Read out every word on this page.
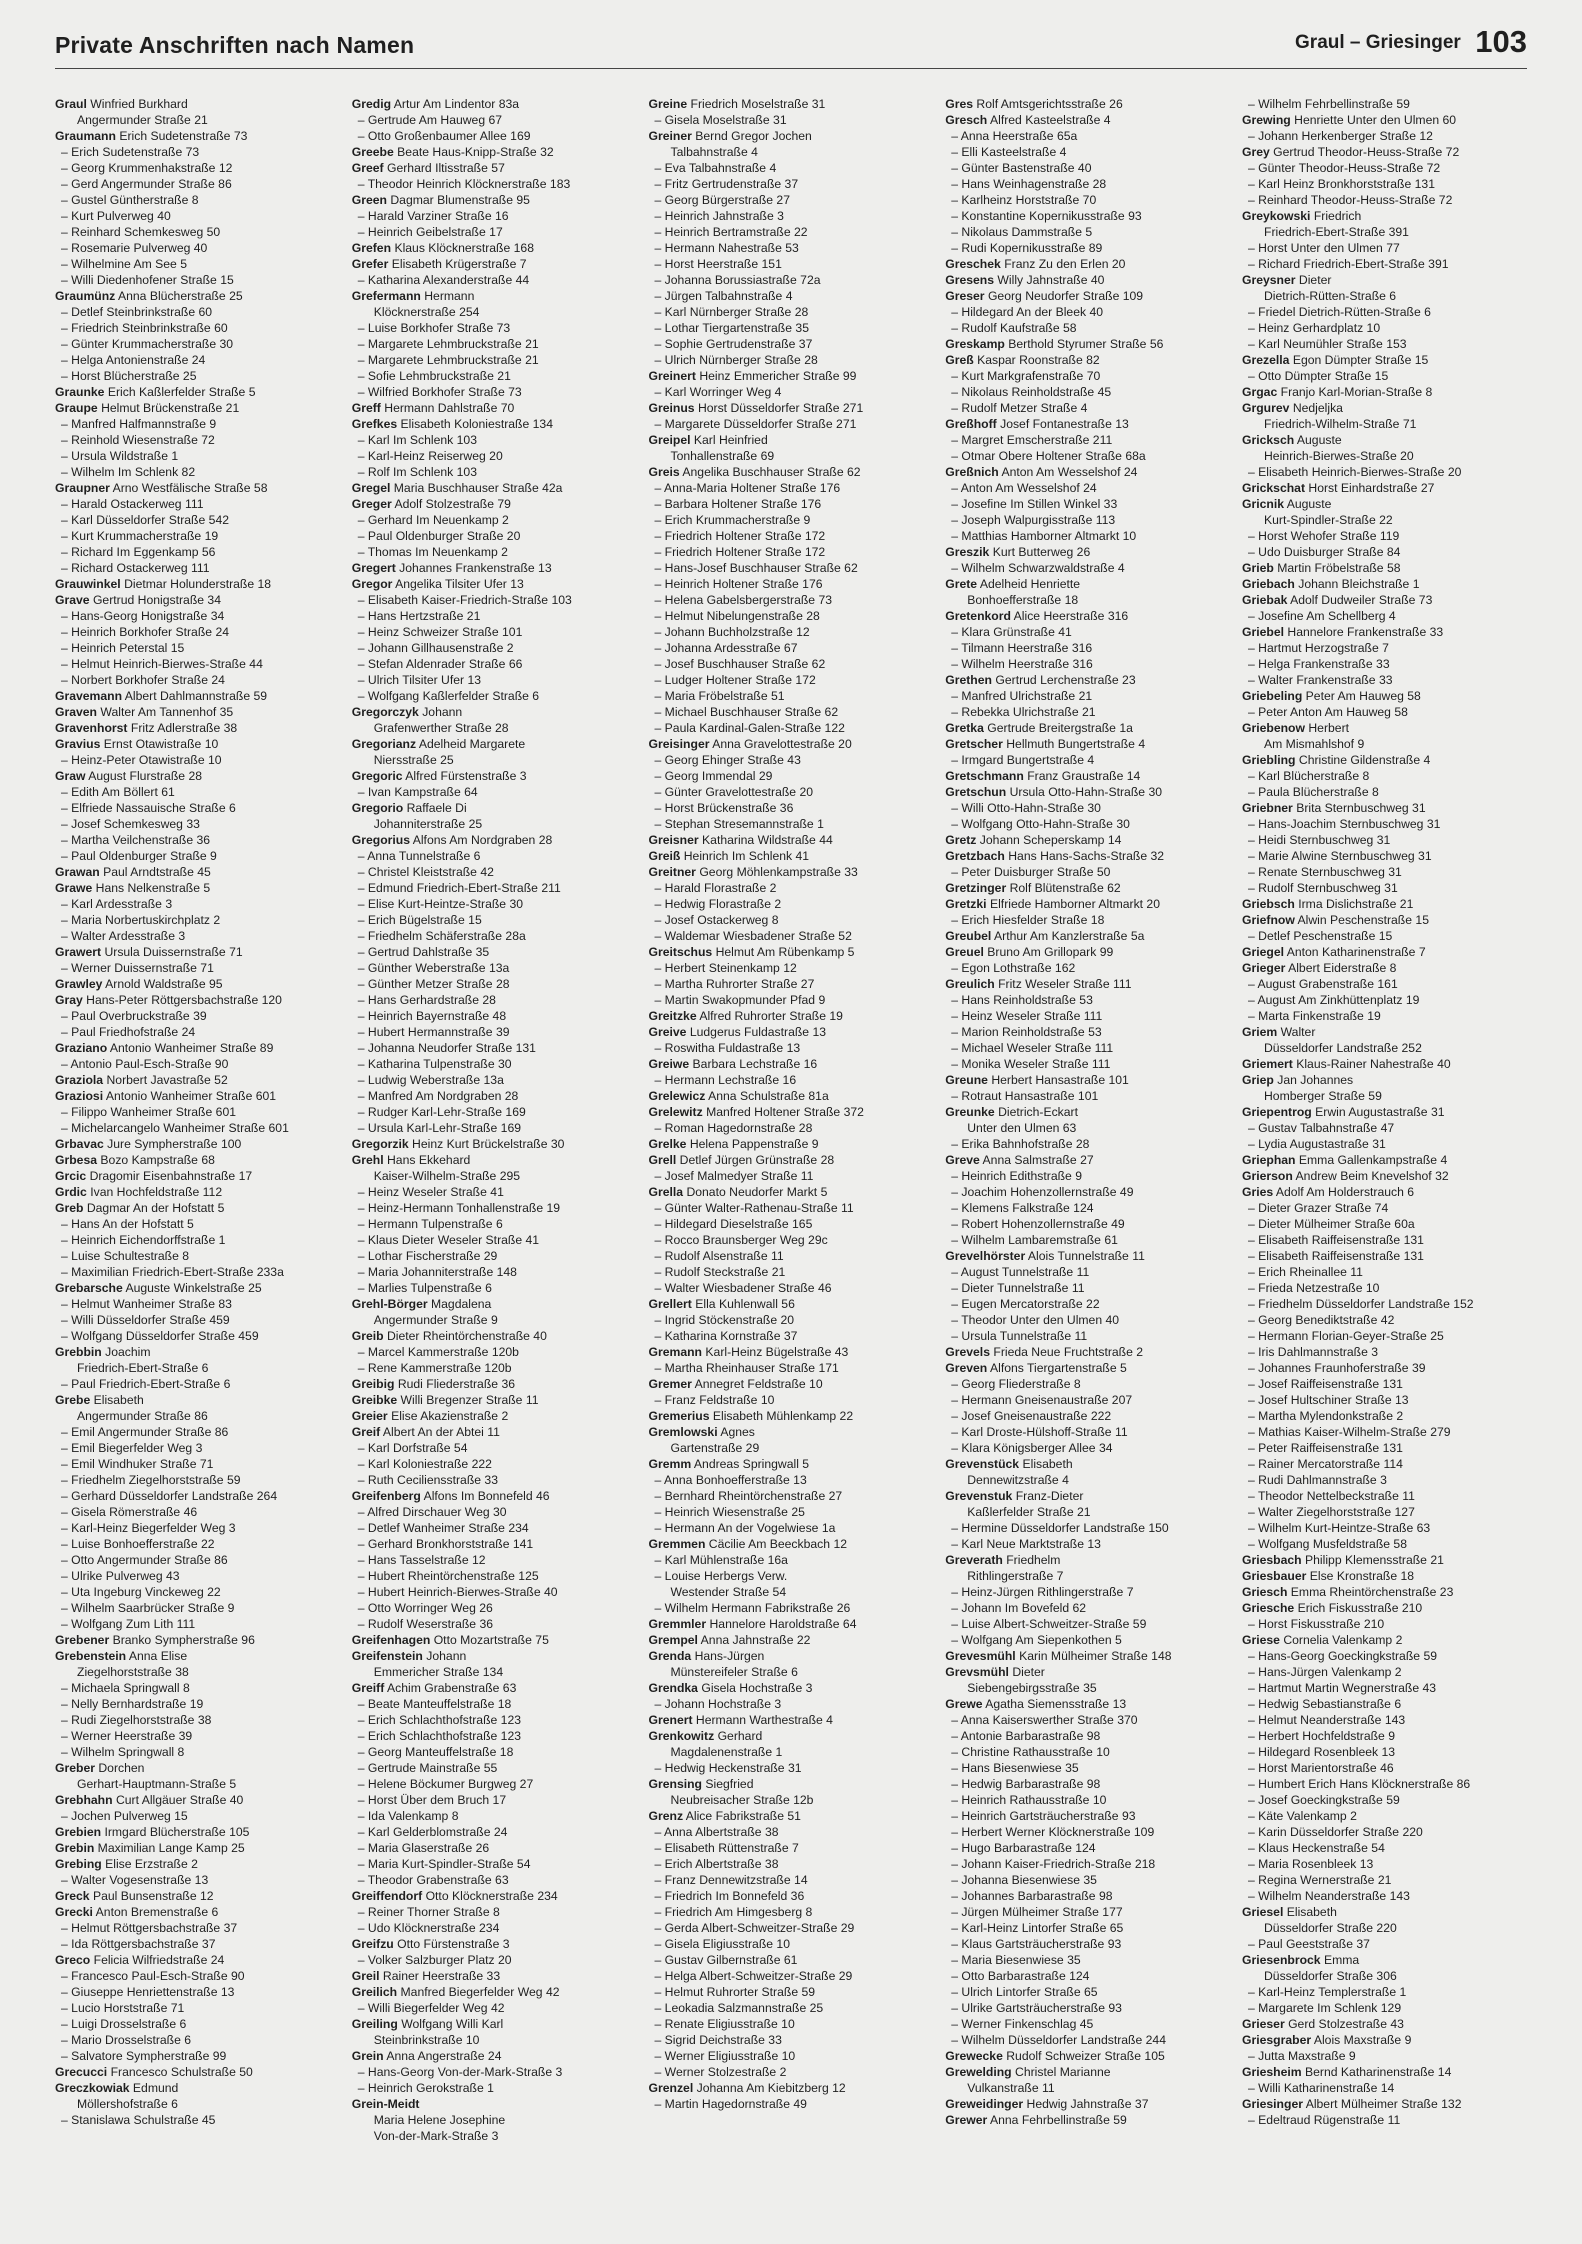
Private Anschriften nach Namen	Graul – Griesinger 103
Graul Winfried Burkhard
Angermunder Straße 21
Graumann Erich Sudetenstraße 73
– Erich Sudetenstraße 73
– Georg Krummenhakstraße 12
– Gerd Angermunder Straße 86
– Gustel Güntherstraße 8
– Kurt Pulverweg 40
– Reinhard Schemkesweg 50
– Rosemarie Pulverweg 40
– Wilhelmine Am See 5
– Willi Diedenhofener Straße 15
Graumünz Anna Blücherstraße 25
– Detlef Steinbrinkstraße 60
– Friedrich Steinbrinkstraße 60
– Günter Krummacherstraße 30
– Helga Antonienstraße 24
– Horst Blücherstraße 25
Graunke Erich Kaßlerfelder Straße 5
Graupe Helmut Brückenstraße 21
– Manfred Halfmannstraße 9
– Reinhold Wiesenstraße 72
– Ursula Wildstraße 1
– Wilhelm Im Schlenk 82
Graupner Arno Westfälische Straße 58
– Harald Ostackerweg 111
– Karl Düsseldorfer Straße 542
– Kurt Krummacherstraße 19
– Richard Im Eggenkamp 56
– Richard Ostackerweg 111
Grauwinkel Dietmar Holunderstraße 18
Grave Gertrud Honigstraße 34
– Hans-Georg Honigstraße 34
– Heinrich Borkhofer Straße 24
– Heinrich Peterstal 15
– Helmut Heinrich-Bierwes-Straße 44
– Norbert Borkhofer Straße 24
Gravemann Albert Dahlmannstraße 59
Graven Walter Am Tannenhof 35
Gravenhorst Fritz Adlerstraße 38
Gravius Ernst Otawistraße 10
– Heinz-Peter Otawistraße 10
Graw August Flurstraße 28
– Edith Am Böllert 61
– Elfriede Nassauische Straße 6
– Josef Schemkesweg 33
– Martha Veilchenstraße 36
– Paul Oldenburger Straße 9
Grawan Paul Arndtstraße 45
Grawe Hans Nelkenstraße 5
– Karl Ardesstraße 3
– Maria Norbertuskirchplatz 2
– Walter Ardesstraße 3
Grawert Ursula Duissernstraße 71
– Werner Duissernstraße 71
Grawley Arnold Waldstraße 95
Gray Hans-Peter Röttgersbachstraße 120
– Paul Overbruckstraße 39
– Paul Friedhofstraße 24
Graziano Antonio Wanheimer Straße 89
– Antonio Paul-Esch-Straße 90
Graziola Norbert Javastraße 52
Graziosi Antonio Wanheimer Straße 601
– Filippo Wanheimer Straße 601
– Michelarcangelo Wanheimer Straße 601
Grbavac Jure Sympherstraße 100
Grbesa Bozo Kampstraße 68
Grcic Dragomir Eisenbahnstraße 17
Grdic Ivan Hochfeldstraße 112
Greb Dagmar An der Hofstatt 5
– Hans An der Hofstatt 5
– Heinrich Eichendorffstraße 1
– Luise Schultestraße 8
– Maximilian Friedrich-Ebert-Straße 233a
Grebarsche Auguste Winkelstraße 25
– Helmut Wanheimer Straße 83
– Willi Düsseldorfer Straße 459
– Wolfgang Düsseldorfer Straße 459
Grebbin Joachim
Friedrich-Ebert-Straße 6
– Paul Friedrich-Ebert-Straße 6
Grebe Elisabeth
Angermunder Straße 86
– Emil Angermunder Straße 86
– Emil Biegerfelder Weg 3
– Emil Windhuker Straße 71
– Friedhelm Ziegelhorststraße 59
– Gerhard Düsseldorfer Landstraße 264
– Gisela Römerstraße 46
– Karl-Heinz Biegerfelder Weg 3
– Luise Bonhoefferstraße 22
– Otto Angermunder Straße 86
– Ulrike Pulverweg 43
– Uta Ingeburg Vinckeweg 22
– Wilhelm Saarbrücker Straße 9
– Wolfgang Zum Lith 111
Grebener Branko Sympherstraße 96
Grebenstein Anna Elise
Ziegelhorststraße 38
– Michaela Springwall 8
– Nelly Bernhardstraße 19
– Rudi Ziegelhorststraße 38
– Werner Heerstraße 39
– Wilhelm Springwall 8
Greber Dorchen
Gerhart-Hauptmann-Straße 5
Grebhahn Curt Allgäuer Straße 40
– Jochen Pulverweg 15
Grebien Irmgard Blücherstraße 105
Grebin Maximilian Lange Kamp 25
Grebing Elise Erzstraße 2
– Walter Vogesenstraße 13
Greck Paul Bunsenstraße 12
Grecki Anton Bremenstraße 6
– Helmut Röttgersbachstraße 37
– Ida Röttgersbachstraße 37
Greco Felicia Wilfriedstraße 24
– Francesco Paul-Esch-Straße 90
– Giuseppe Henriettenstraße 13
– Lucio Horststraße 71
– Luigi Drosselstraße 6
– Mario Drosselstraße 6
– Salvatore Sympherstraße 99
Grecucci Francesco Schulstraße 50
Greczkowiak Edmund
Möllershofstraße 6
– Stanislawa Schulstraße 45
Gredig Artur Am Lindentor 83a
– Gertrude Am Hauweg 67
– Otto Großenbaumer Allee 169
Greebe Beate Haus-Knipp-Straße 32
Greef Gerhard Iltisstraße 57
– Theodor Heinrich Klöcknerstraße 183
Green Dagmar Blumenstraße 95
– Harald Varziner Straße 16
– Heinrich Geibelstraße 17
Grefen Klaus Klöcknerstraße 168
Grefer Elisabeth Krügerstraße 7
– Katharina Alexanderstraße 44
Grefermann Hermann
Klöcknerstraße 254
– Luise Borkhofer Straße 73
– Margarete Lehmbruckstraße 21
– Margarete Lehmbruckstraße 21
– Sofie Lehmbruckstraße 21
– Wilfried Borkhofer Straße 73
Greff Hermann Dahlstraße 70
Grefkes Elisabeth Koloniestraße 134
– Karl Im Schlenk 103
– Karl-Heinz Reiserweg 20
– Rolf Im Schlenk 103
Gregel Maria Buschhauser Straße 42a
Greger Adolf Stolzestraße 79
– Gerhard Im Neuenkamp 2
– Paul Oldenburger Straße 20
– Thomas Im Neuenkamp 2
Gregert Johannes Frankenstraße 13
Gregor Angelika Tilsiter Ufer 13
– Elisabeth Kaiser-Friedrich-Straße 103
– Hans Hertzstraße 21
– Heinz Schweizer Straße 101
– Johann Gillhausenstraße 2
– Stefan Aldenrader Straße 66
– Ulrich Tilsiter Ufer 13
– Wolfgang Kaßlerfelder Straße 6
Gregorczyk Johann
Grafenwerther Straße 28
Gregorianz Adelheid Margarete
Niersstraße 25
Gregoric Alfred Fürstenstraße 3
– Ivan Kampstraße 64
Gregorio Raffaele Di
Johanniterstraße 25
Gregorius Alfons Am Nordgraben 28
– Anna Tunnelstraße 6
– Christel Kleiststraße 42
– Edmund Friedrich-Ebert-Straße 211
– Elise Kurt-Heintze-Straße 30
– Erich Bügelstraße 15
– Friedhelm Schäferstraße 28a
– Gertrud Dahlstraße 35
– Günther Weberstraße 13a
– Günther Metzer Straße 28
– Hans Gerhardstraße 28
– Heinrich Bayernstraße 48
– Hubert Hermannstraße 39
– Johanna Neudorfer Straße 131
– Katharina Tulpenstraße 30
– Ludwig Weberstraße 13a
– Manfred Am Nordgraben 28
– Rudger Karl-Lehr-Straße 169
– Ursula Karl-Lehr-Straße 169
Gregorzik Heinz Kurt Brückelstraße 30
Grehl Hans Ekkehard
Kaiser-Wilhelm-Straße 295
– Heinz Weseler Straße 41
– Heinz-Hermann Tonhallenstraße 19
– Hermann Tulpenstraße 6
– Klaus Dieter Weseler Straße 41
– Lothar Fischerstraße 29
– Maria Johanniterstraße 148
– Marlies Tulpenstraße 6
Grehl-Börger Magdalena
Angermunder Straße 9
Greib Dieter Rheintörchenstraße 40
– Marcel Kammerstraße 120b
– Rene Kammerstraße 120b
Greibig Rudi Fliederstraße 36
Greibke Willi Bregenzer Straße 11
Greier Elise Akazienstraße 2
Greif Albert An der Abtei 11
– Karl Dorfstraße 54
– Karl Koloniestraße 222
– Ruth Ceciliensstraße 33
Greifenberg Alfons Im Bonnefeld 46
– Alfred Dirschauer Weg 30
– Detlef Wanheimer Straße 234
– Gerhard Bronkhorststraße 141
– Hans Tasselstraße 12
– Hubert Rheintörchenstraße 125
– Hubert Heinrich-Bierwes-Straße 40
– Otto Worringer Weg 26
– Rudolf Weserstraße 36
Greifenhagen Otto Mozartstraße 75
Greifenstein Johann
Emmericher Straße 134
Greiff Achim Grabenstraße 63
– Beate Manteuffelstraße 18
– Erich Schlachthofstraße 123
– Erich Schlachthofstraße 123
– Georg Manteuffelstraße 18
– Gertrude Mainstraße 55
– Helene Böckumer Burgweg 27
– Horst Über dem Bruch 17
– Ida Valenkamp 8
– Karl Gelderblomstraße 24
– Maria Glaserstraße 26
– Maria Kurt-Spindler-Straße 54
– Theodor Grabenstraße 63
Greiffendorf Otto Klöcknerstraße 234
– Reiner Thorner Straße 8
– Udo Klöcknerstraße 234
Greifzu Otto Fürstenstraße 3
– Volker Salzburger Platz 20
Greil Rainer Heerstraße 33
Greilich Manfred Biegerfelder Weg 42
– Willi Biegerfelder Weg 42
Greiling Wolfgang Willi Karl
Steinbrinkstraße 10
Grein Anna Angerstraße 24
– Hans-Georg Von-der-Mark-Straße 3
– Heinrich Gerokstraße 1
Grein-Meidt
Maria Helene Josephine
Von-der-Mark-Straße 3
Greine Friedrich Moselstraße 31
– Gisela Moselstraße 31
Greiner Bernd Gregor Jochen
Talbahnstraße 4
– Eva Talbahnstraße 4
– Fritz Gertrudenstraße 37
– Georg Bürgerstraße 27
– Heinrich Jahnstraße 3
– Heinrich Bertramstraße 22
– Hermann Nahestraße 53
– Horst Heerstraße 151
– Johanna Borussiastraße 72a
– Jürgen Talbahnstraße 4
– Karl Nürnberger Straße 28
– Lothar Tiergartenstraße 35
– Sophie Gertrudenstraße 37
– Ulrich Nürnberger Straße 28
Greinert Heinz Emmericher Straße 99
– Karl Worringer Weg 4
Greinus Horst Düsseldorfer Straße 271
– Margarete Düsseldorfer Straße 271
Greipel Karl Heinfried
Tonhallenstraße 69
Greis Angelika Buschhauser Straße 62
– Anna-Maria Holtener Straße 176
– Barbara Holtener Straße 176
– Erich Krummacherstraße 9
– Friedrich Holtener Straße 172
– Friedrich Holtener Straße 172
– Hans-Josef Buschhauser Straße 62
– Heinrich Holtener Straße 176
– Helena Gabelsbergerstraße 73
– Helmut Nibelungenstraße 28
– Johann Buchholzstraße 12
– Johanna Ardesstraße 67
– Josef Buschhauser Straße 62
– Ludger Holtener Straße 172
– Maria Fröbelstraße 51
– Michael Buschhauser Straße 62
– Paula Kardinal-Galen-Straße 122
Greisinger Anna Gravelottestraße 20
– Georg Ehinger Straße 43
– Georg Immendal 29
– Günter Gravelottestraße 20
– Horst Brückenstraße 36
– Stephan Stresemannstraße 1
Greisner Katharina Wildstraße 44
Greiß Heinrich Im Schlenk 41
Greitner Georg Möhlenkampstraße 33
– Harald Florastraße 2
– Hedwig Florastraße 2
– Josef Ostackerweg 8
– Waldemar Wiesbadener Straße 52
Greitschus Helmut Am Rübenkamp 5
– Herbert Steinenkamp 12
– Martha Ruhrorter Straße 27
– Martin Swakopmunder Pfad 9
Greitzke Alfred Ruhrorter Straße 19
Greive Ludgerus Fuldastraße 13
– Roswitha Fuldastraße 13
Greiwe Barbara Lechstraße 16
– Hermann Lechstraße 16
Grelewicz Anna Schulstraße 81a
Grelewitz Manfred Holtener Straße 372
– Roman Hagedornstraße 28
Grelke Helena Pappenstraße 9
Grell Detlef Jürgen Grünstraße 28
– Josef Malmedyer Straße 11
Grella Donato Neudorfer Markt 5
– Günter Walter-Rathenau-Straße 11
– Hildegard Dieselstraße 165
– Rocco Braunsberger Weg 29c
– Rudolf Alsenstraße 11
– Rudolf Steckstraße 21
– Walter Wiesbadener Straße 46
Grellert Ella Kuhlenwall 56
– Ingrid Stöckenstraße 20
– Katharina Kornstraße 37
Gremann Karl-Heinz Bügelstraße 43
– Martha Rheinhauser Straße 171
Gremer Annegret Feldstraße 10
– Franz Feldstraße 10
Gremerius Elisabeth Mühlenkamp 22
Gremlowski Agnes
Gartenstraße 29
Gremm Andreas Springwall 5
– Anna Bonhoefferstraße 13
– Bernhard Rheintörchenstraße 27
– Heinrich Wiesenstraße 25
– Hermann An der Vogelwiese 1a
Gremmen Cäcilie Am Beeckbach 12
– Karl Mühlenstraße 16a
– Louise Herbergs Verw.
Westender Straße 54
– Wilhelm Hermann Fabrikstraße 26
Gremmler Hannelore Haroldstraße 64
Grempel Anna Jahnstraße 22
Grenda Hans-Jürgen
Münstereifeler Straße 6
Grendka Gisela Hochstraße 3
– Johann Hochstraße 3
Grenert Hermann Warthestraße 4
Grenkowitz Gerhard
Magdalenenstraße 1
– Hedwig Heckenstraße 31
Grensing Siegfried
Neubreisacher Straße 12b
Grenz Alice Fabrikstraße 51
– Anna Albertstraße 38
– Elisabeth Rüttenstraße 7
– Erich Albertstraße 38
– Franz Dennewitzstraße 14
– Friedrich Im Bonnefeld 36
– Friedrich Am Himgesberg 8
– Gerda Albert-Schweitzer-Straße 29
– Gisela Eligiusstraße 10
– Gustav Gilbernstraße 61
– Helga Albert-Schweitzer-Straße 29
– Helmut Ruhrorter Straße 59
– Leokadia Salzmannstraße 25
– Renate Eligiusstraße 10
– Sigrid Deichstraße 33
– Werner Eligiusstraße 10
– Werner Stolzestraße 2
Grenzel Johanna Am Kiebitzberg 12
– Martin Hagedornstraße 49
Gres Rolf Amtsgerichtsstraße 26
Gresch Alfred Kasteelstraße 4
– Anna Heerstraße 65a
– Elli Kasteelstraße 4
– Günter Bastenstraße 40
– Hans Weinhagenstraße 28
– Karlheinz Horststraße 70
– Konstantine Kopernikusstraße 93
– Nikolaus Dammstraße 5
– Rudi Kopernikusstraße 89
Greschek Franz Zu den Erlen 20
Gresens Willy Jahnstraße 40
Greser Georg Neudorfer Straße 109
– Hildegard An der Bleek 40
– Rudolf Kaufstraße 58
Greskamp Berthold Styrumer Straße 56
Greß Kaspar Roonstraße 82
– Kurt Markgrafenstraße 70
– Nikolaus Reinholdstraße 45
– Rudolf Metzer Straße 4
Greßhoff Josef Fontanestraße 13
– Margret Emscherstraße 211
– Otmar Obere Holtener Straße 68a
Greßnich Anton Am Wesselshof 24
– Anton Am Wesselshof 24
– Josefine Im Stillen Winkel 33
– Joseph Walpurgisstraße 113
– Matthias Hamborner Altmarkt 10
Greszik Kurt Butterweg 26
– Wilhelm Schwarzwaldstraße 4
Grete Adelheid Henriette
Bonhoefferstraße 18
Gretenkord Alice Heerstraße 316
– Klara Grünstraße 41
– Tilmann Heerstraße 316
– Wilhelm Heerstraße 316
Grethen Gertrud Lerchenstraße 23
– Manfred Ulrichstraße 21
– Rebekka Ulrichstraße 21
Gretka Gertrude Breitergstraße 1a
Gretscher Hellmuth Bungertstraße 4
– Irmgard Bungertstraße 4
Gretschmann Franz Graustraße 14
Gretschun Ursula Otto-Hahn-Straße 30
– Willi Otto-Hahn-Straße 30
– Wolfgang Otto-Hahn-Straße 30
Gretz Johann Scheperskamp 14
Gretzbach Hans Hans-Sachs-Straße 32
– Peter Duisburger Straße 50
Gretzinger Rolf Blütenstraße 62
Gretzki Elfriede Hamborner Altmarkt 20
– Erich Hiesfelder Straße 18
Greubel Arthur Am Kanzlerstraße 5a
Greuel Bruno Am Grillopark 99
– Egon Lothstraße 162
Greulich Fritz Weseler Straße 111
– Hans Reinholdstraße 53
– Heinz Weseler Straße 111
– Marion Reinholdstraße 53
– Michael Weseler Straße 111
– Monika Weseler Straße 111
Greune Herbert Hansastraße 101
– Rotraut Hansastraße 101
Greunke Dietrich-Eckart
Unter den Ulmen 63
– Erika Bahnhofstraße 28
Greve Anna Salmstraße 27
– Heinrich Edithstraße 9
– Joachim Hohenzollernstraße 49
– Klemens Falkstraße 124
– Robert Hohenzollernstraße 49
– Wilhelm Lambaremstraße 61
Grevelhörster Alois Tunnelstraße 11
– August Tunnelstraße 11
– Dieter Tunnelstraße 11
– Eugen Mercatorstraße 22
– Theodor Unter den Ulmen 40
– Ursula Tunnelstraße 11
Grevels Frieda Neue Fruchtstraße 2
Greven Alfons Tiergartenstraße 5
– Georg Fliederstraße 8
– Hermann Gneisenaustraße 207
– Josef Gneisenaustraße 222
– Karl Droste-Hülshoff-Straße 11
– Klara Königsberger Allee 34
Grevenstück Elisabeth
Dennewitzstraße 4
Grevenstuk Franz-Dieter
Kaßlerfelder Straße 21
– Hermine Düsseldorfer Landstraße 150
– Karl Neue Marktstraße 13
Greverath Friedhelm
Rithlingerstraße 7
– Heinz-Jürgen Rithlingerstraße 7
– Johann Im Bovefeld 62
– Luise Albert-Schweitzer-Straße 59
– Wolfgang Am Siepenkothen 5
Grevesmühl Karin Mülheimer Straße 148
Grevsmühl Dieter
Siebengebirgsstraße 35
Grewe Agatha Siemensstraße 13
– Anna Kaiserswerther Straße 370
– Antonie Barbarastraße 98
– Christine Rathausstraße 10
– Hans Biesenwiese 35
– Hedwig Barbarastraße 98
– Heinrich Rathausstraße 10
– Heinrich Gartsträucherstraße 93
– Herbert Werner Klöcknerstraße 109
– Hugo Barbarastraße 124
– Johann Kaiser-Friedrich-Straße 218
– Johanna Biesenwiese 35
– Johannes Barbarastraße 98
– Jürgen Mülheimer Straße 177
– Karl-Heinz Lintorfer Straße 65
– Klaus Gartsträucherstraße 93
– Maria Biesenwiese 35
– Otto Barbarastraße 124
– Ulrich Lintorfer Straße 65
– Ulrike Gartsträucherstraße 93
– Werner Finkenschlag 45
– Wilhelm Düsseldorfer Landstraße 244
Grewecke Rudolf Schweizer Straße 105
Grewelding Christel Marianne
Vulkanstraße 11
Greweidinger Hedwig Jahnstraße 37
Grewer Anna Fehrbellinstraße 59
– Wilhelm Fehrbellinstraße 59
Grewing Henriette Unter den Ulmen 60
– Johann Herkenberger Straße 12
Grey Gertrud Theodor-Heuss-Straße 72
– Günter Theodor-Heuss-Straße 72
– Karl Heinz Bronkhorststraße 131
– Reinhard Theodor-Heuss-Straße 72
Greykowski Friedrich
Friedrich-Ebert-Straße 391
– Horst Unter den Ulmen 77
– Richard Friedrich-Ebert-Straße 391
Greysner Dieter
Dietrich-Rütten-Straße 6
– Friedel Dietrich-Rütten-Straße 6
– Heinz Gerhardplatz 10
– Karl Neumühler Straße 153
Grezella Egon Dümpter Straße 15
– Otto Dümpter Straße 15
Grgac Franjo Karl-Morian-Straße 8
Grgurev Nedjeljka
Friedrich-Wilhelm-Straße 71
Gricksch Auguste
Heinrich-Bierwes-Straße 20
– Elisabeth Heinrich-Bierwes-Straße 20
Grickschat Horst Einhardstraße 27
Gricnik Auguste
Kurt-Spindler-Straße 22
– Horst Wehofer Straße 119
– Udo Duisburger Straße 84
Grieb Martin Fröbelstraße 58
Griebach Johann Bleichstraße 1
Griebak Adolf Dudweiler Straße 73
– Josefine Am Schellberg 4
Griebel Hannelore Frankenstraße 33
– Hartmut Herzogstraße 7
– Helga Frankenstraße 33
– Walter Frankenstraße 33
Griebeling Peter Am Hauweg 58
– Peter Anton Am Hauweg 58
Griebenow Herbert
Am Mismahlshof 9
Griebling Christine Gildenstraße 4
– Karl Blücherstraße 8
– Paula Blücherstraße 8
Griebner Brita Sternbuschweg 31
– Hans-Joachim Sternbuschweg 31
– Heidi Sternbuschweg 31
– Marie Alwine Sternbuschweg 31
– Renate Sternbuschweg 31
– Rudolf Sternbuschweg 31
Griebsch Irma Dislichstraße 21
Griefnow Alwin Peschenstraße 15
– Detlef Peschenstraße 15
Griegel Anton Katharinenstraße 7
Grieger Albert Eiderstraße 8
– August Grabenstraße 161
– August Am Zinkhüttenplatz 19
– Marta Finkenstraße 19
Griem Walter
Düsseldorfer Landstraße 252
Griemert Klaus-Rainer Nahestraße 40
Griep Jan Johannes
Homberger Straße 59
Griepentrog Erwin Augustastraße 31
– Gustav Talbahnstraße 47
– Lydia Augustastraße 31
Griephan Emma Gallenkampstraße 4
Grierson Andrew Beim Knevelshof 32
Gries Adolf Am Holderstrauch 6
– Dieter Grazer Straße 74
– Dieter Mülheimer Straße 60a
– Elisabeth Raiffeisenstraße 131
– Elisabeth Raiffeisenstraße 131
– Erich Rheinallee 11
– Frieda Netzestraße 10
– Friedhelm Düsseldorfer Landstraße 152
– Georg Benediktstraße 42
– Hermann Florian-Geyer-Straße 25
– Iris Dahlmannstraße 3
– Johannes Fraunhoferstraße 39
– Josef Raiffeisenstraße 131
– Josef Hultschiner Straße 13
– Martha Mylendonkstraße 2
– Mathias Kaiser-Wilhelm-Straße 279
– Peter Raiffeisenstraße 131
– Rainer Mercatorstraße 114
– Rudi Dahlmannstraße 3
– Theodor Nettelbeckstraße 11
– Walter Ziegelhorststraße 127
– Wilhelm Kurt-Heintze-Straße 63
– Wolfgang Musfeldstraße 58
Griesbach Philipp Klemensstraße 21
Griesbauer Else Kronstraße 18
Griesch Emma Rheintörchenstraße 23
Griesche Erich Fiskusstraße 210
– Horst Fiskusstraße 210
Griese Cornelia Valenkamp 2
– Hans-Georg Goeckingkstraße 59
– Hans-Jürgen Valenkamp 2
– Hartmut Martin Wegnerstraße 43
– Hedwig Sebastianstraße 6
– Helmut Neanderstraße 143
– Herbert Hochfeldstraße 9
– Hildegard Rosenbleek 13
– Horst Marientorstraße 46
– Humbert Erich Hans Klöcknerstraße 86
– Josef Goeckingkstraße 59
– Käte Valenkamp 2
– Karin Düsseldorfer Straße 220
– Klaus Heckenstraße 54
– Maria Rosenbleek 13
– Regina Wernerstraße 21
– Wilhelm Neanderstraße 143
Griesel Elisabeth
Düsseldorfer Straße 220
– Paul Geeststraße 37
Griesenbrock Emma
Düsseldorfer Straße 306
– Karl-Heinz Templerstraße 1
– Margarete Im Schlenk 129
Grieser Gerd Stolzestraße 43
Griesgraber Alois Maxstraße 9
– Jutta Maxstraße 9
Griesheim Bernd Katharinenstraße 14
– Willi Katharinenstraße 14
Griesinger Albert Mülheimer Straße 132
– Edeltraud Rügenstraße 11
